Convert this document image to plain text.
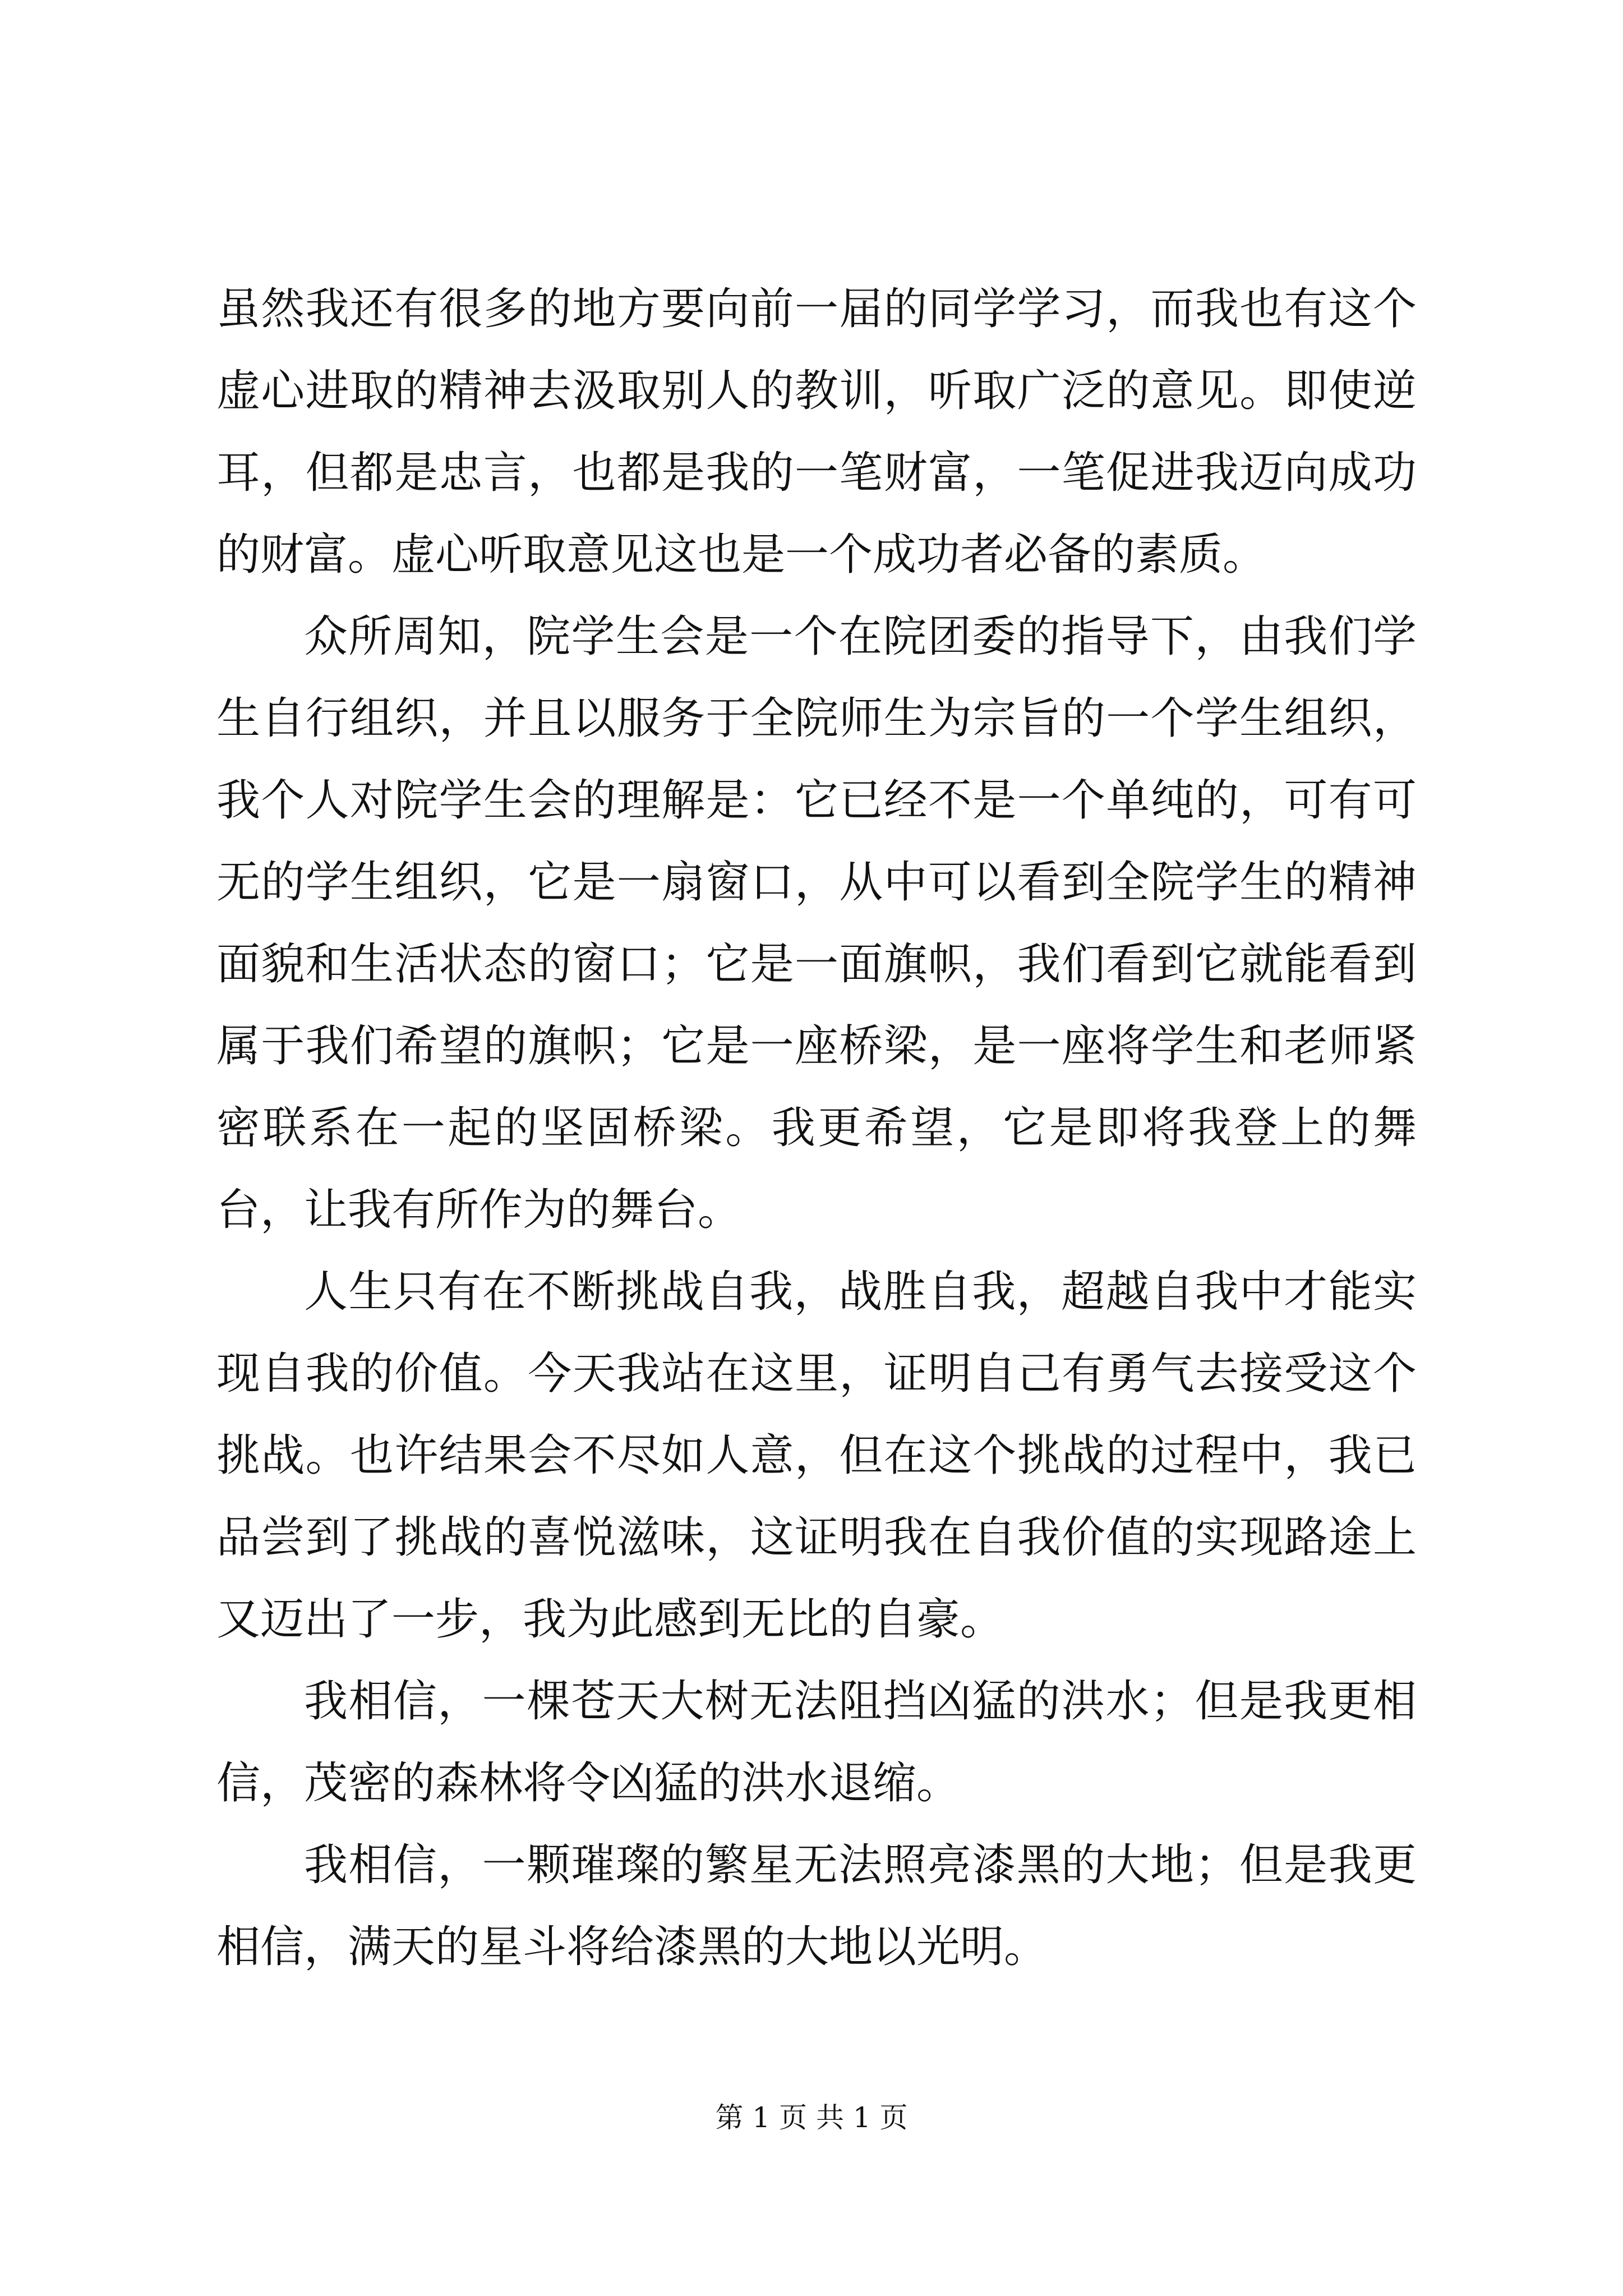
虽然我还有很多的地方要向前一届的同学学习，而我也有这个虚心进取的精神去汲取别人的教训，听取广泛的意见。即使逆耳，但都是忠言，也都是我的一笔财富，一笔促进我迈向成功的财富。虚心听取意见这也是一个成功者必备的素质。

众所周知，院学生会是一个在院团委的指导下，由我们学生自行组织，并且以服务于全院师生为宗旨的一个学生组织，我个人对院学生会的理解是：它已经不是一个单纯的，可有可无的学生组织，它是一扇窗口，从中可以看到全院学生的精神面貌和生活状态的窗口；它是一面旗帜，我们看到它就能看到属于我们希望的旗帜；它是一座桥梁，是一座将学生和老师紧密联系在一起的坚固桥梁。我更希望，它是即将我登上的舞台，让我有所作为的舞台。

人生只有在不断挑战自我，战胜自我，超越自我中才能实现自我的价值。今天我站在这里，证明自己有勇气去接受这个挑战。也许结果会不尽如人意，但在这个挑战的过程中，我已品尝到了挑战的喜悦滋味，这证明我在自我价值的实现路途上又迈出了一步，我为此感到无比的自豪。

我相信，一棵苍天大树无法阻挡凶猛的洪水；但是我更相信，茂密的森林将令凶猛的洪水退缩。

我相信，一颗璀璨的繁星无法照亮漆黑的大地；但是我更相信，满天的星斗将给漆黑的大地以光明。

第 1 页 共 1 页
